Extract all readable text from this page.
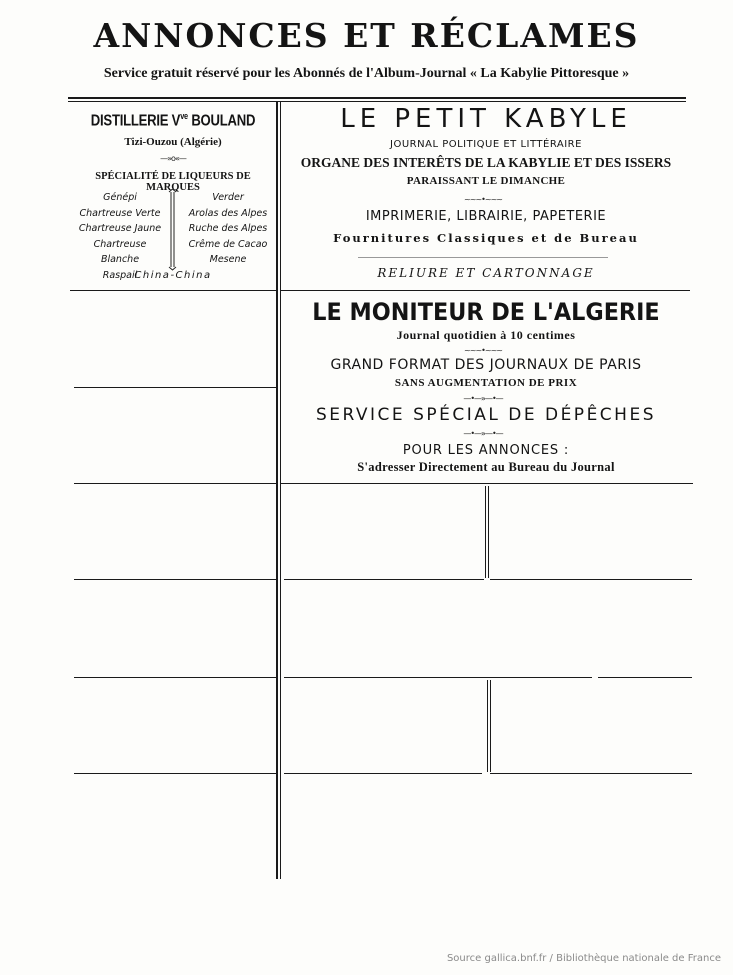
ANNONCES ET RÉCLAMES
Service gratuit réservé pour les Abonnés de l'Album-Journal « La Kabylie Pittoresque »
DISTILLERIE $V^{ve}$ BOULAND
Tizi-Ouzou (Algérie)
—»o«—
SPÉCIALITÉ DE LIQUEURS DE MARQUES
Génépi
Chartreuse Verte
Chartreuse Jaune
Chartreuse Blanche
Raspail
Verder
Arolas des Alpes
Ruche des Alpes
Crême de Cacao
Mesene
China-China
LE PETIT KABYLE
JOURNAL POLITIQUE ET LITTÉRAIRE
ORGANE DES INTERÊTS DE LA KABYLIE ET DES ISSERS
PARAISSANT LE DIMANCHE
~~~•~~~
IMPRIMERIE, LIBRAIRIE, PAPETERIE
Fournitures Classiques et de Bureau
RELIURE ET CARTONNAGE
LE MONITEUR DE L'ALGERIE
Journal quotidien à 10 centimes
~~~•~~~
GRAND FORMAT DES JOURNAUX DE PARIS
SANS AUGMENTATION DE PRIX
—•—»—•—
SERVICE SPÉCIAL DE DÉPÊCHES
—•—»—•—
POUR LES ANNONCES :
S'adresser Directement au Bureau du Journal
Source gallica.bnf.fr / Bibliothèque nationale de France
